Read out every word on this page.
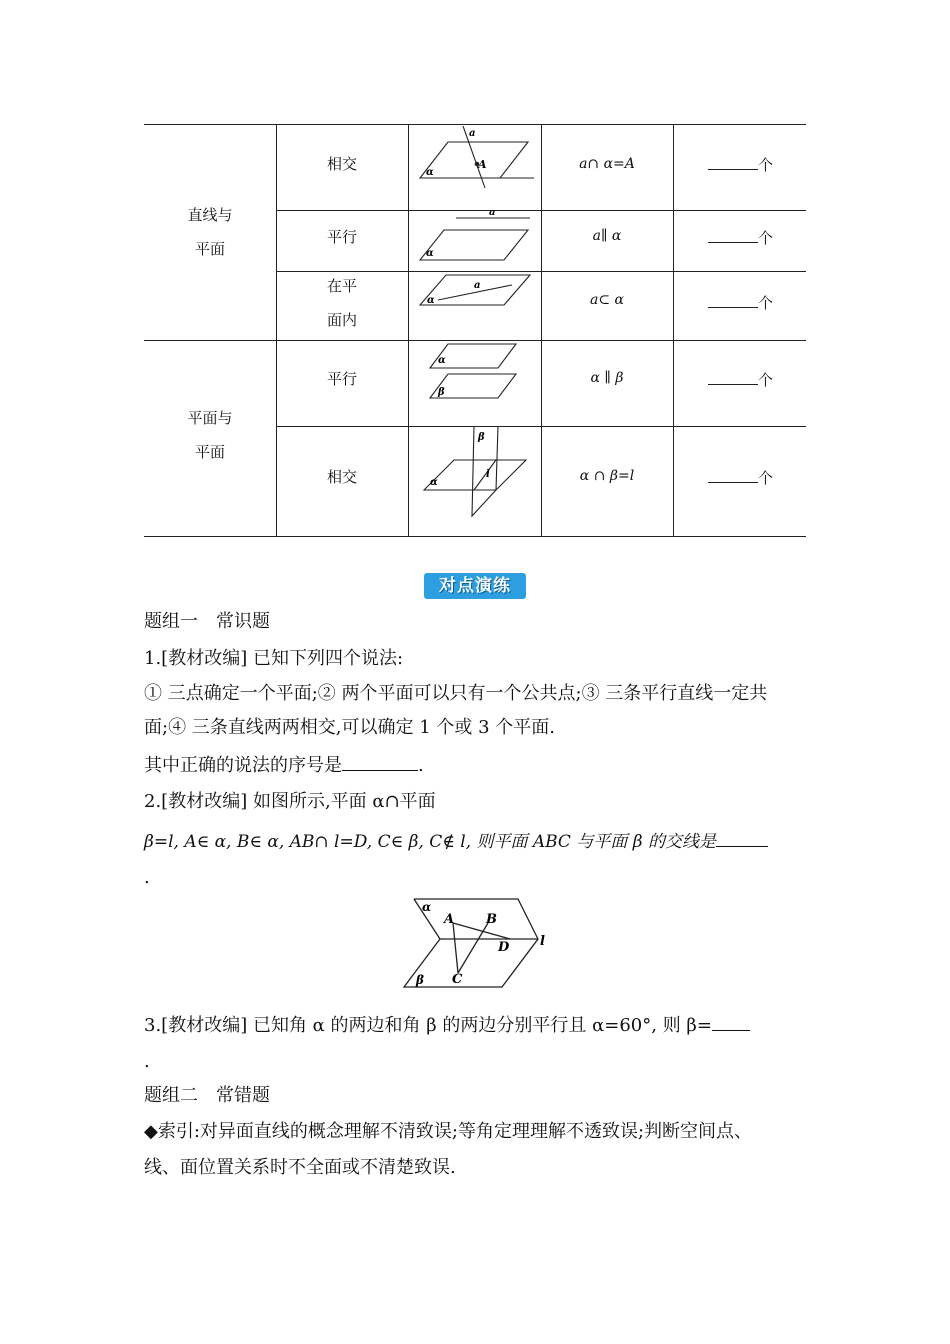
直线与
平面
平面与
平面
相交
平行
在平
面内
平行
相交
a∩ α=A
a∥ α
a⊂ α
α ∥ β
α ∩ β=l
个
个
个
个
个
a
A
α
a
α
a
α
α
β
β
α
l
对点演练
题组一　常识题
1.[教材改编] 已知下列四个说法:
① 三点确定一个平面;② 两个平面可以只有一个公共点;③ 三条平行直线一定共
面;④ 三条直线两两相交,可以确定 1 个或 3 个平面.
其中正确的说法的序号是	.
2.[教材改编] 如图所示,平面 α∩平面
β=l, A∈ α, B∈ α, AB∩ l=D, C∈ β, C∉ l, 则平面 ABC 与平面 β 的交线是
.
α
A B
D l
C
β
3.[教材改编] 已知角 α 的两边和角 β 的两边分别平行且 α=60°, 则 β=
.
题组二　常错题
◆索引:对异面直线的概念理解不清致误;等角定理理解不透致误;判断空间点、
线、面位置关系时不全面或不清楚致误.
